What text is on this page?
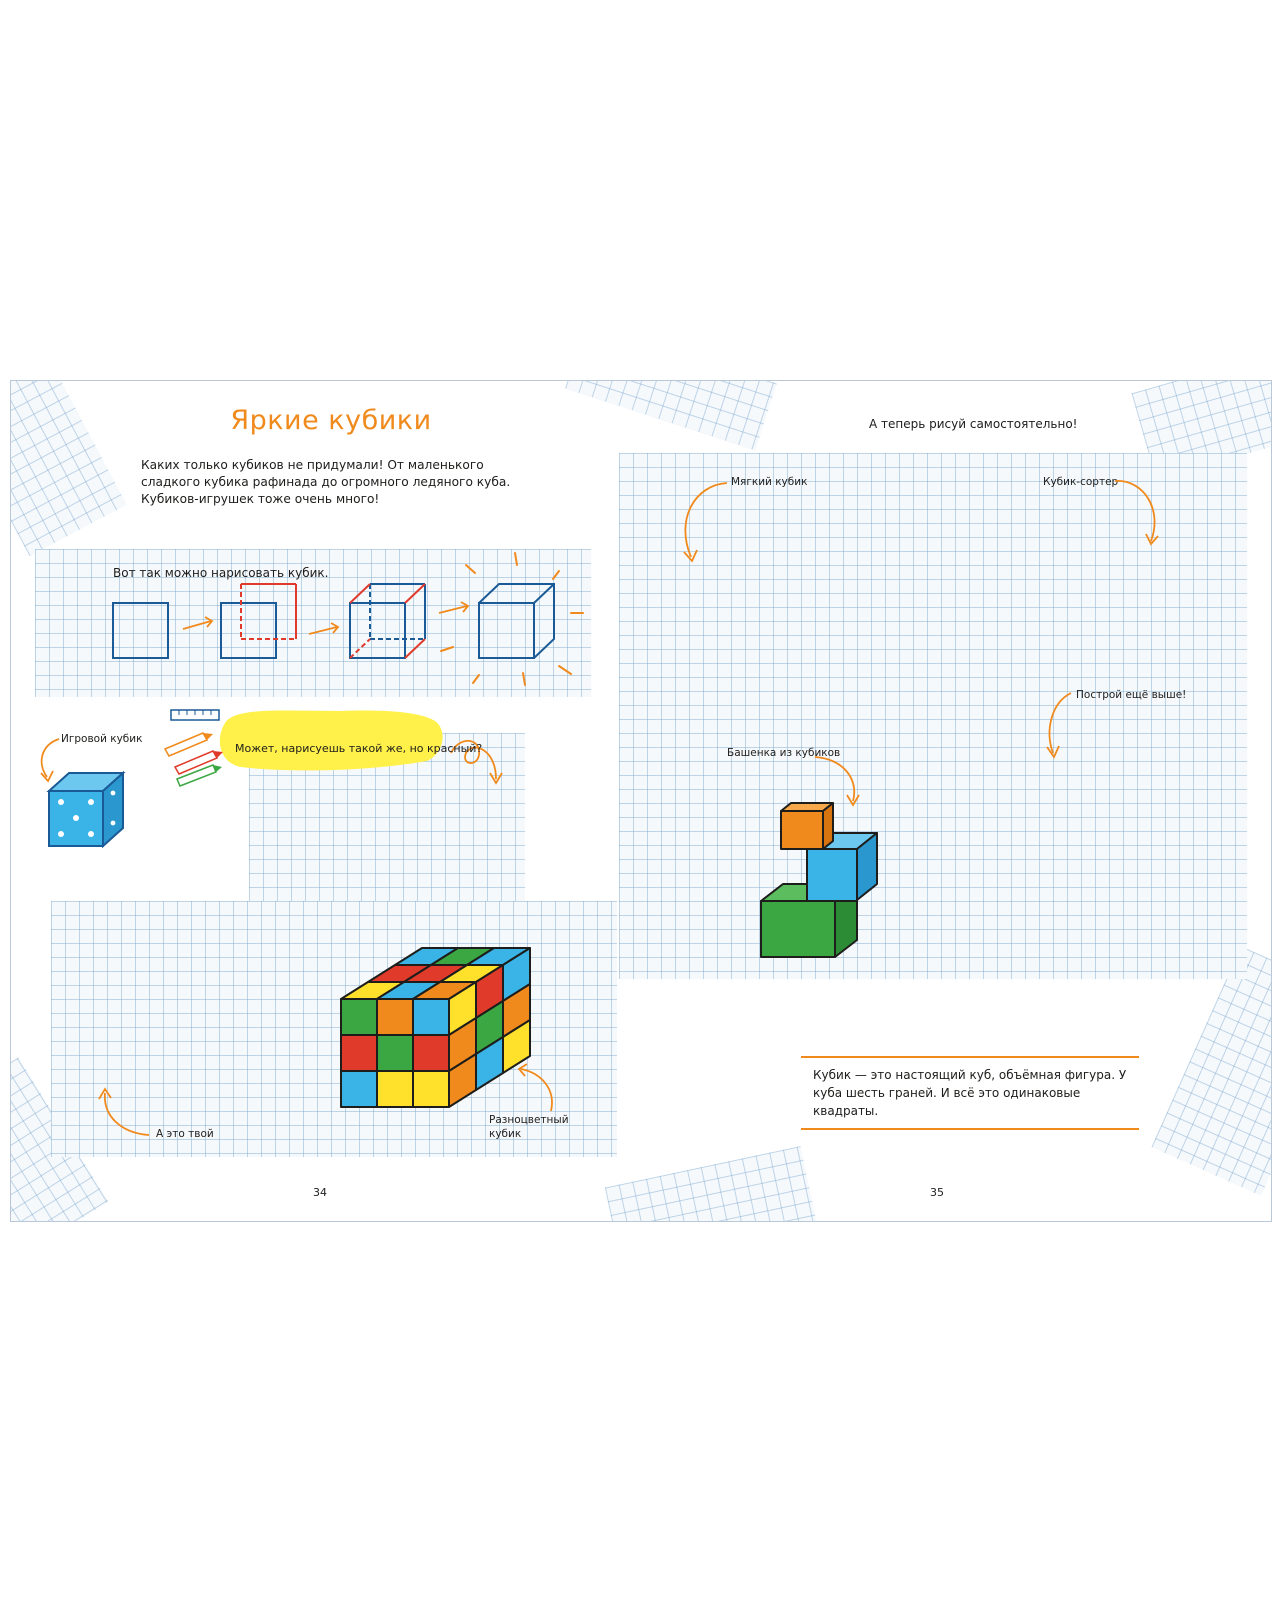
Яркие кубики
Каких только кубиков не придумали! От маленького сладкого кубика рафинада до огромного ледяного куба. Кубиков-игрушек тоже очень много!
Вот так можно нарисовать кубик.
Игровой кубик
А это твой
Разноцветный кубик
34
А теперь рисуй самостоятельно!
Мягкий кубик	Кубик-сортер
Построй ещё выше!
Башенка из кубиков
Кубик — это настоящий куб, объёмная фигура. У куба шесть граней. И всё это одинаковые квадраты.
35
Может, нарисуешь такой же, но красный?
